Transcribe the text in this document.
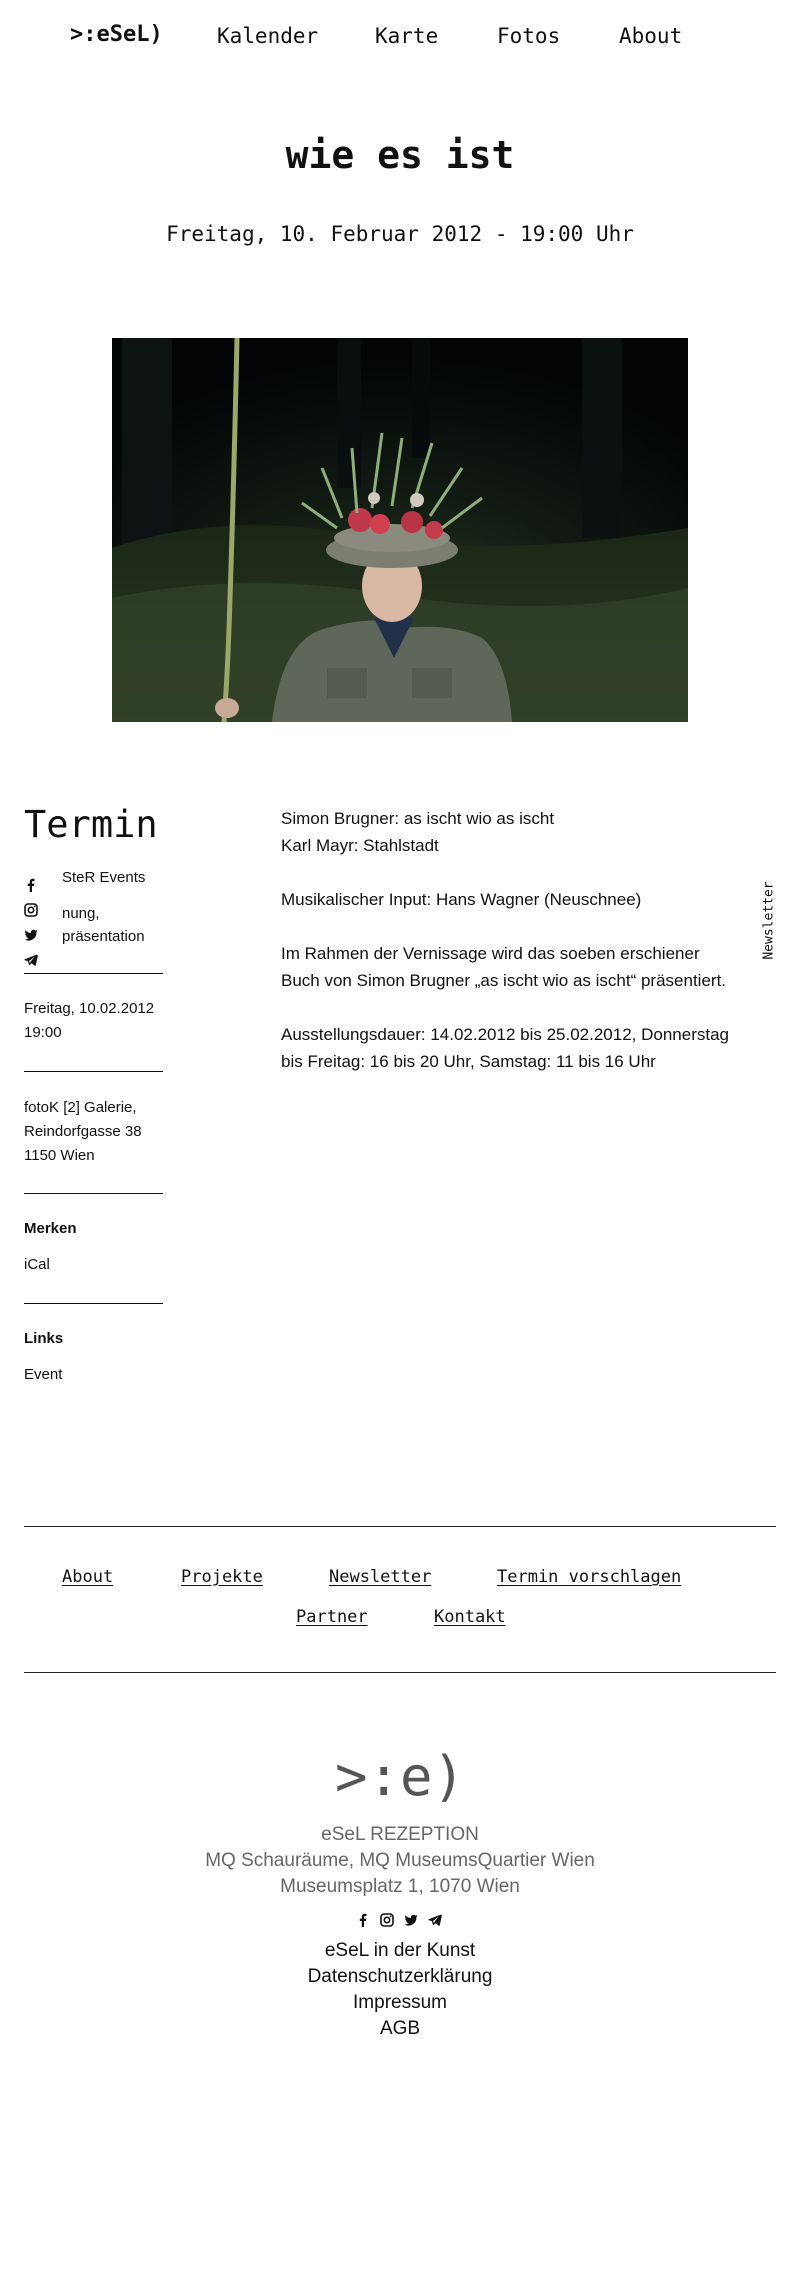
>:eSeL)	Kalender	Karte	Fotos	About
wie es ist
Freitag, 10. Februar 2012 - 19:00 Uhr
Termin
SteR Events
nung,
präsentation
Freitag, 10.02.2012
19:00
fotoK [2] Galerie,
Reindorfgasse 38
1150 Wien
Merken
iCal
Links
Event

Simon Brugner: as ischt wio as ischt
Karl Mayr: Stahlstadt

Musikalischer Input: Hans Wagner (Neuschnee)

Im Rahmen der Vernissage wird das soeben erschiener
Buch von Simon Brugner „as ischt wio as ischt“ präsentiert.

Ausstellungsdauer: 14.02.2012 bis 25.02.2012, Donnerstag
bis Freitag: 16 bis 20 Uhr, Samstag: 11 bis 16 Uhr

Newsletter
About	Projekte	Newsletter	Termin vorschlagen
Partner	Kontakt
>:e)
eSeL REZEPTION
MQ Schauräume, MQ MuseumsQuartier Wien
Museumsplatz 1, 1070 Wien
eSeL in der Kunst
Datenschutzerklärung
Impressum
AGB
